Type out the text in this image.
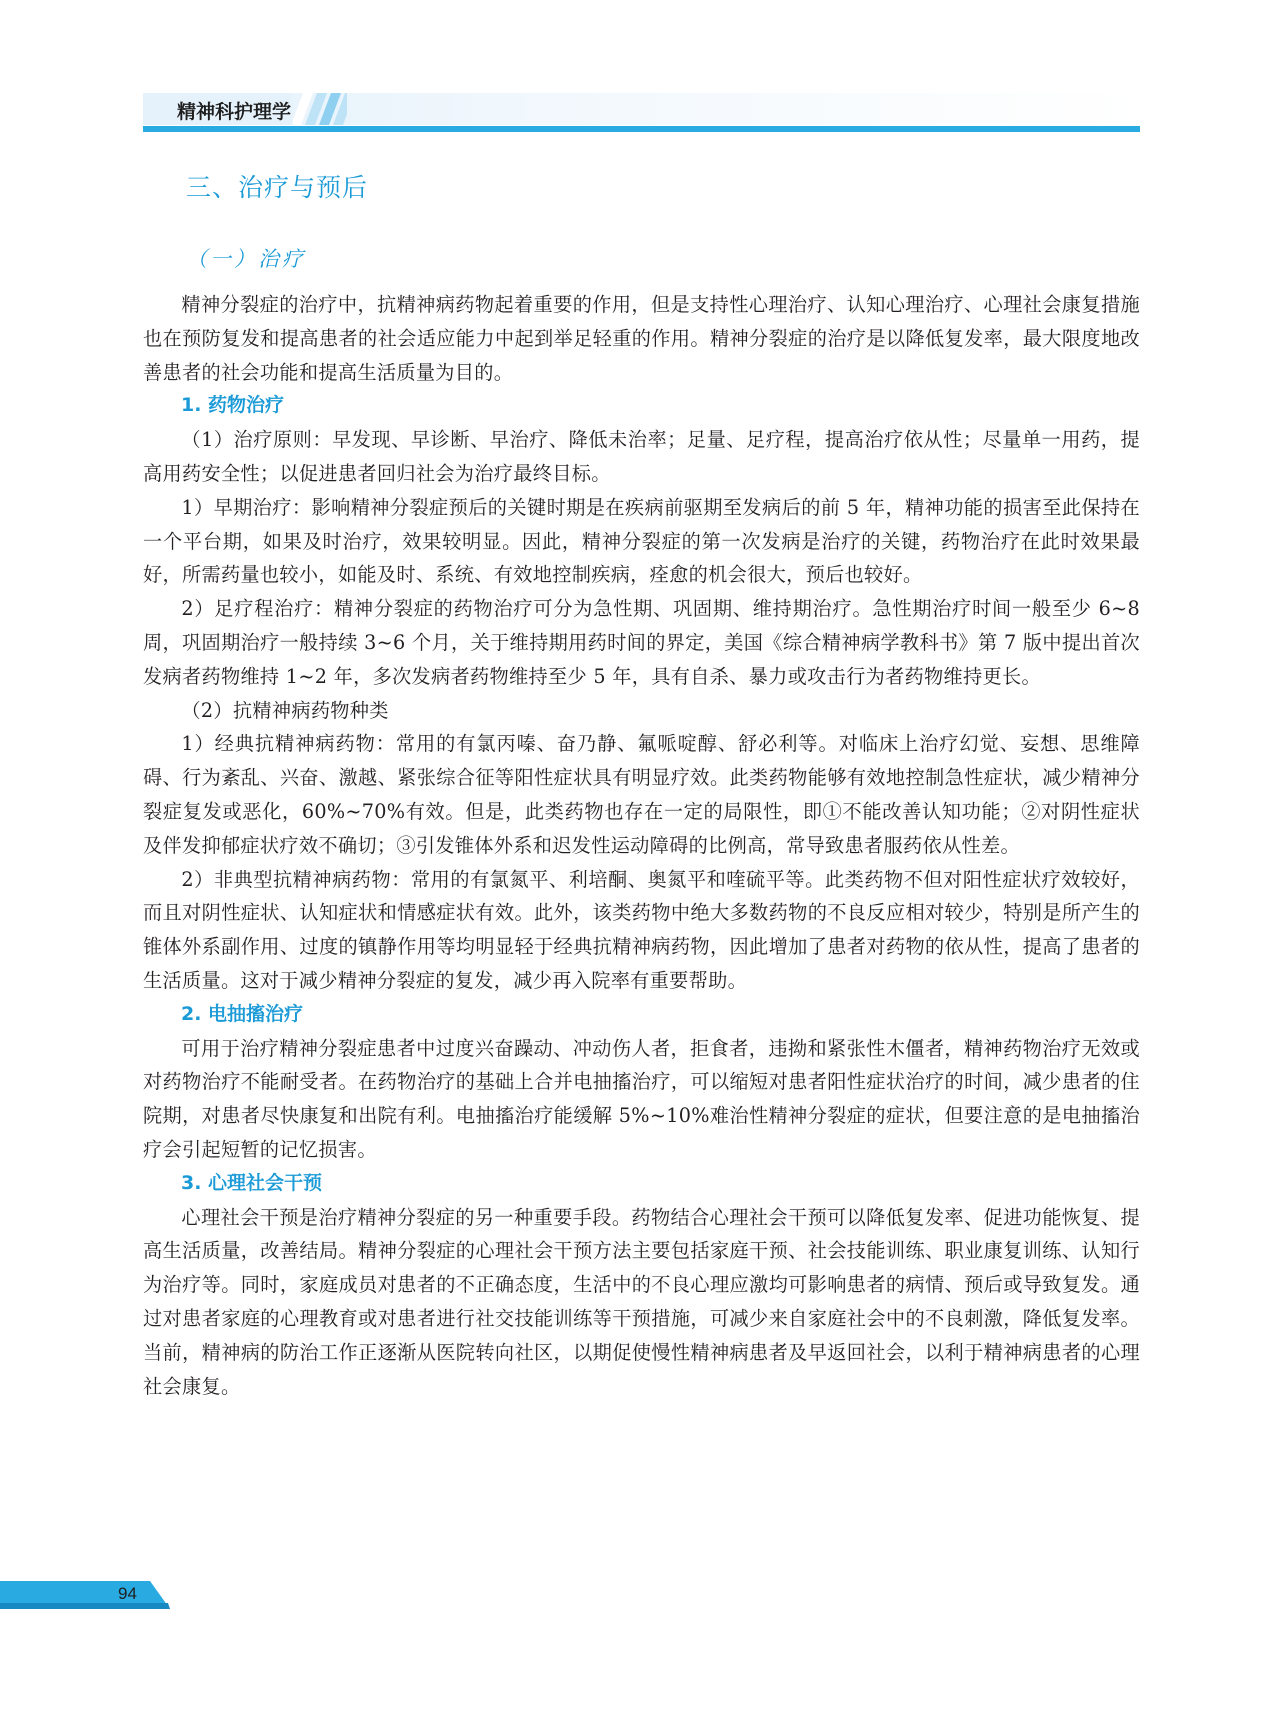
精神科护理学
三、治疗与预后
（一）治疗

精神分裂症的治疗中，抗精神病药物起着重要的作用，但是支持性心理治疗、认知心理治疗、心理社会康复措施也在预防复发和提高患者的社会适应能力中起到举足轻重的作用。精神分裂症的治疗是以降低复发率，最大限度地改善患者的社会功能和提高生活质量为目的。

1. 药物治疗

（1）治疗原则：早发现、早诊断、早治疗、降低未治率；足量、足疗程，提高治疗依从性；尽量单一用药，提高用药安全性；以促进患者回归社会为治疗最终目标。

1）早期治疗：影响精神分裂症预后的关键时期是在疾病前驱期至发病后的前 5 年，精神功能的损害至此保持在一个平台期，如果及时治疗，效果较明显。因此，精神分裂症的第一次发病是治疗的关键，药物治疗在此时效果最好，所需药量也较小，如能及时、系统、有效地控制疾病，痊愈的机会很大，预后也较好。

2）足疗程治疗：精神分裂症的药物治疗可分为急性期、巩固期、维持期治疗。急性期治疗时间一般至少 6~8 周，巩固期治疗一般持续 3~6 个月，关于维持期用药时间的界定，美国《综合精神病学教科书》第 7 版中提出首次发病者药物维持 1~2 年，多次发病者药物维持至少 5 年，具有自杀、暴力或攻击行为者药物维持更长。

（2）抗精神病药物种类

1）经典抗精神病药物：常用的有氯丙嗪、奋乃静、氟哌啶醇、舒必利等。对临床上治疗幻觉、妄想、思维障碍、行为紊乱、兴奋、激越、紧张综合征等阳性症状具有明显疗效。此类药物能够有效地控制急性症状，减少精神分裂症复发或恶化，60%~70%有效。但是，此类药物也存在一定的局限性，即①不能改善认知功能；②对阴性症状及伴发抑郁症状疗效不确切；③引发锥体外系和迟发性运动障碍的比例高，常导致患者服药依从性差。

2）非典型抗精神病药物：常用的有氯氮平、利培酮、奥氮平和喹硫平等。此类药物不但对阳性症状疗效较好，而且对阴性症状、认知症状和情感症状有效。此外，该类药物中绝大多数药物的不良反应相对较少，特别是所产生的锥体外系副作用、过度的镇静作用等均明显轻于经典抗精神病药物，因此增加了患者对药物的依从性，提高了患者的生活质量。这对于减少精神分裂症的复发，减少再入院率有重要帮助。

2. 电抽搐治疗

可用于治疗精神分裂症患者中过度兴奋躁动、冲动伤人者，拒食者，违拗和紧张性木僵者，精神药物治疗无效或对药物治疗不能耐受者。在药物治疗的基础上合并电抽搐治疗，可以缩短对患者阳性症状治疗的时间，减少患者的住院期，对患者尽快康复和出院有利。电抽搐治疗能缓解 5%~10%难治性精神分裂症的症状，但要注意的是电抽搐治疗会引起短暂的记忆损害。

3. 心理社会干预

心理社会干预是治疗精神分裂症的另一种重要手段。药物结合心理社会干预可以降低复发率、促进功能恢复、提高生活质量，改善结局。精神分裂症的心理社会干预方法主要包括家庭干预、社会技能训练、职业康复训练、认知行为治疗等。同时，家庭成员对患者的不正确态度，生活中的不良心理应激均可影响患者的病情、预后或导致复发。通过对患者家庭的心理教育或对患者进行社交技能训练等干预措施，可减少来自家庭社会中的不良刺激，降低复发率。当前，精神病的防治工作正逐渐从医院转向社区，以期促使慢性精神病患者及早返回社会，以利于精神病患者的心理社会康复。

94
